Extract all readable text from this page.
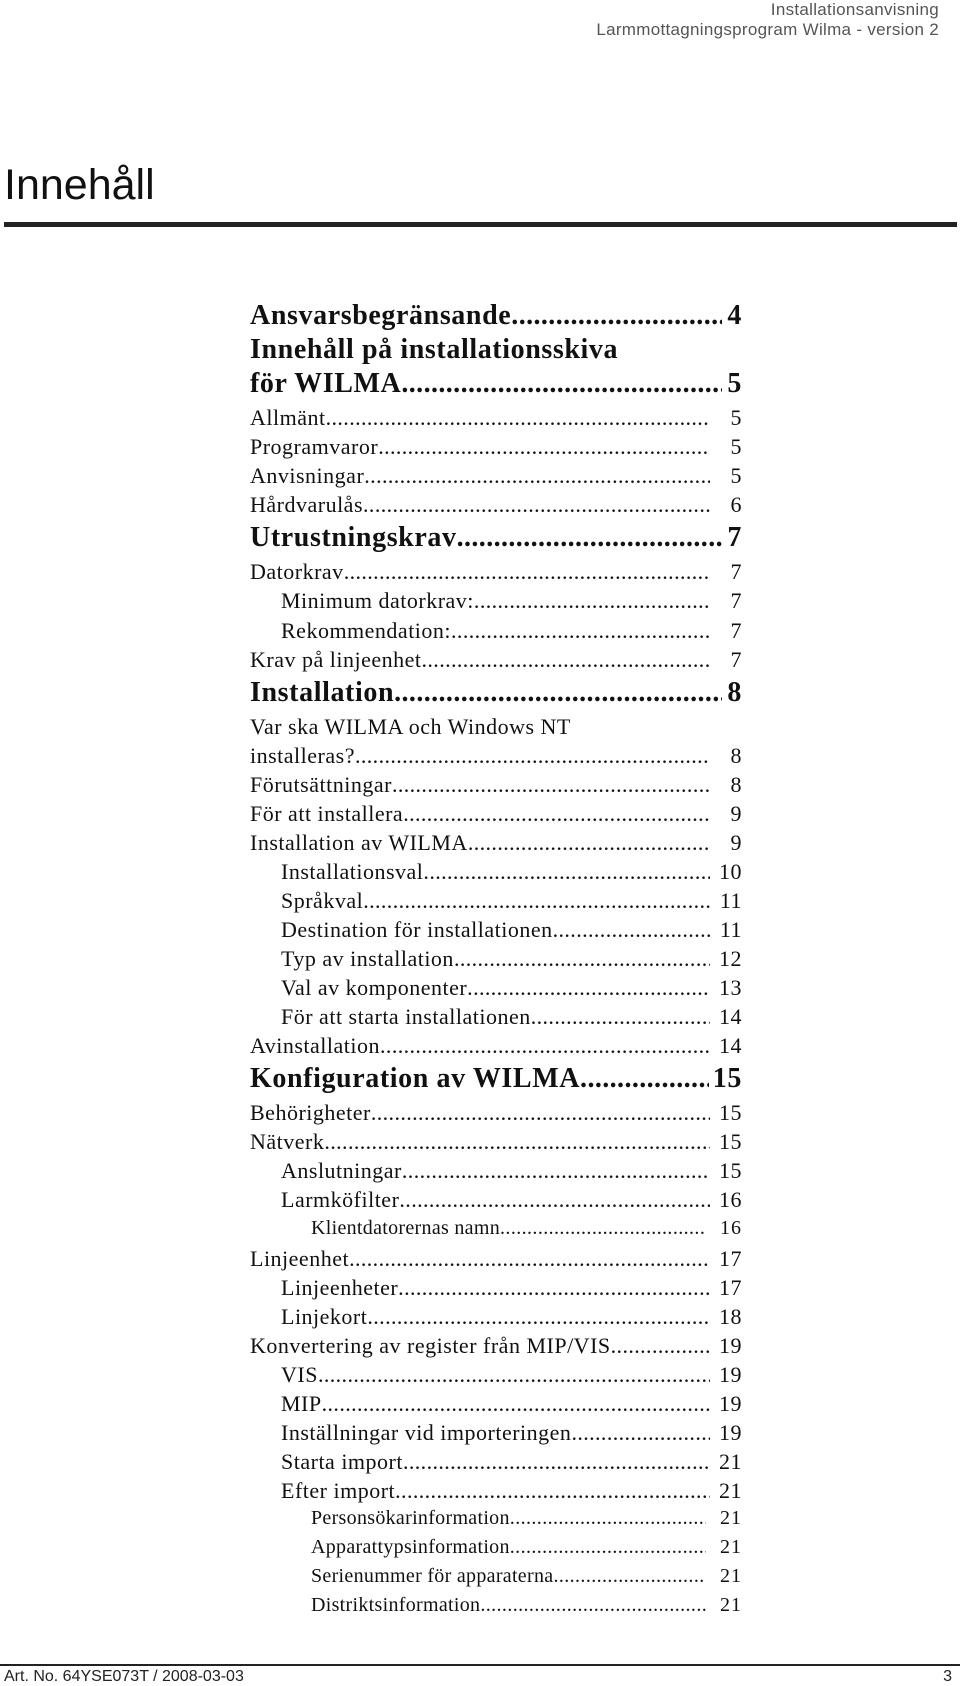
Installationsanvisning
Larmmottagningsprogram Wilma - version 2
Innehåll
Ansvarsbegränsande .....	4
Innehåll på installationsskiva
för WILMA .....	5
Allmänt .....	5
Programvaror .....	5
Anvisningar .....	5
Hårdvarulås .....	6
Utrustningskrav .....	7
Datorkrav .....	7
Minimum datorkrav: .....	7
Rekommendation: .....	7
Krav på linjeenhet .....	7
Installation .....	8
Var ska WILMA och Windows NT
installeras? .....	8
Förutsättningar .....	8
För att installera .....	9
Installation av WILMA .....	9
Installationsval .....	10
Språkval .....	11
Destination för installationen .....	11
Typ av installation .....	12
Val av komponenter .....	13
För att starta installationen .....	14
Avinstallation .....	14
Konfiguration av WILMA .....	15
Behörigheter .....	15
Nätverk .....	15
Anslutningar .....	15
Larmköfilter .....	16
Klientdatorernas namn .....	16
Linjeenhet .....	17
Linjeenheter .....	17
Linjekort .....	18
Konvertering av register från MIP/VIS .....	19
VIS .....	19
MIP .....	19
Inställningar vid importeringen .....	19
Starta import .....	21
Efter import .....	21
Personsökarinformation .....	21
Apparattypsinformation .....	21
Serienummer för apparaterna .....	21
Distriktsinformation .....	21
Art. No. 64YSE073T / 2008-03-03	3
